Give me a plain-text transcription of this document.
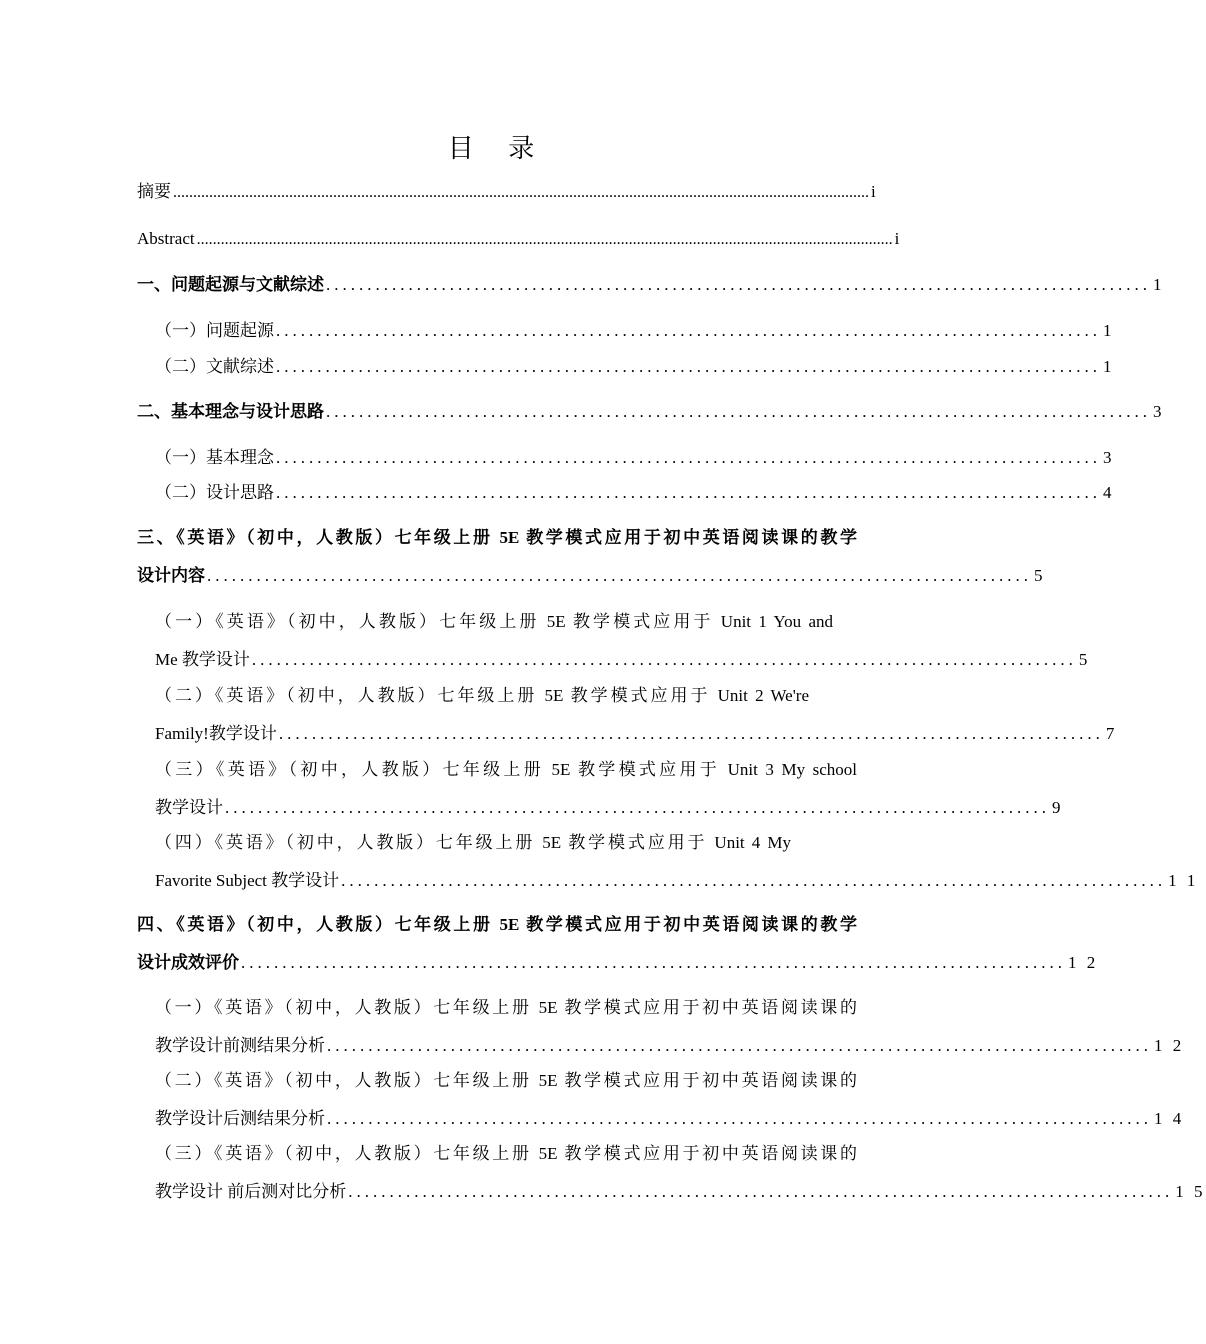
目 录
摘要 .............................................................................................................................................................................. i
Abstract .............................................................................................................................................................................. i
一、问题起源与文献综述 .................................................................................................... 1
（一）问题起源 .................................................................................................... 1
（二）文献综述 .................................................................................................... 1
二、基本理念与设计思路 .................................................................................................... 3
（一）基本理念 .................................................................................................... 3
（二）设计思路 .................................................................................................... 4
三、《英语》（初中，人教版）七年级上册 5E 教学模式应用于初中英语阅读课的教学
设计内容 .................................................................................................... 5
（一）《英语》（初中，人教版）七年级上册 5E 教学模式应用于 Unit 1 You and
Me 教学设计 .................................................................................................... 5
（二）《英语》（初中，人教版）七年级上册 5E 教学模式应用于 Unit 2 We're
Family!教学设计 .................................................................................................... 7
（三）《英语》（初中，人教版）七年级上册 5E 教学模式应用于 Unit 3 My school
教学设计 .................................................................................................... 9
（四）《英语》（初中，人教版）七年级上册 5E 教学模式应用于 Unit 4 My
Favorite Subject 教学设计 .................................................................................................... 1 1
四、《英语》（初中，人教版）七年级上册 5E 教学模式应用于初中英语阅读课的教学
设计成效评价 .................................................................................................... 1 2
（一）《英语》（初中，人教版）七年级上册 5E 教学模式应用于初中英语阅读课的
教学设计前测结果分析 .................................................................................................... 1 2
（二）《英语》（初中，人教版）七年级上册 5E 教学模式应用于初中英语阅读课的
教学设计后测结果分析 .................................................................................................... 1 4
（三）《英语》（初中，人教版）七年级上册 5E 教学模式应用于初中英语阅读课的
教学设计 前后测对比分析 .................................................................................................... 1 5
